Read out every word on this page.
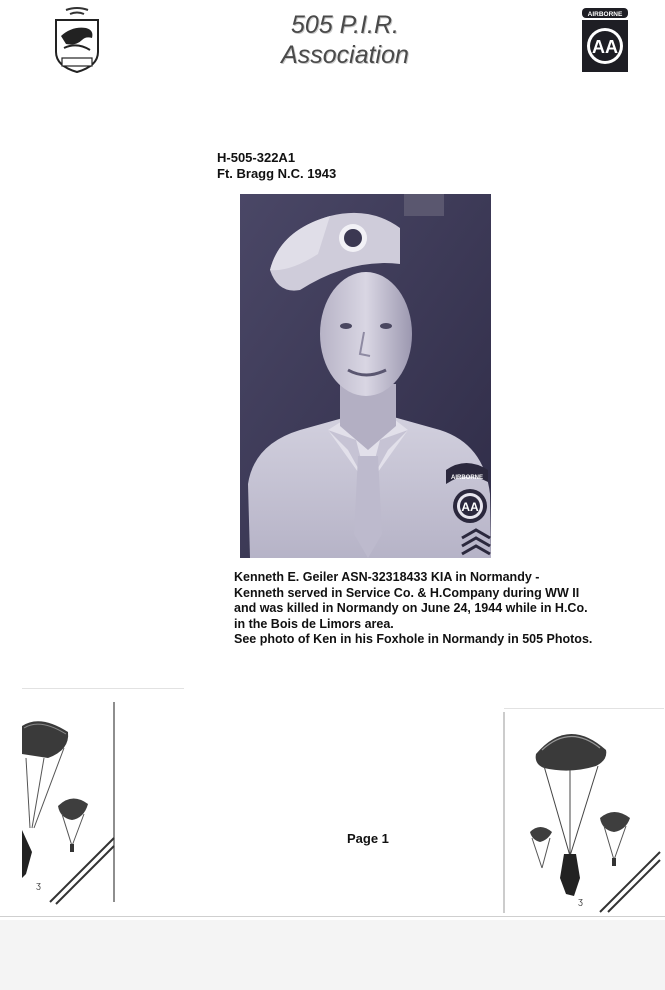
505 P.I.R.
Association
AIRBORNE
AA
H-505-322A1
Ft. Bragg N.C. 1943
AIRBORNE
AA
Kenneth E. Geiler ASN-32318433 KIA in Normandy -
Kenneth served in Service Co. & H.Company during WW II
and was killed in Normandy on June 24, 1944 while in H.Co.
in the Bois de Limors area.
See photo of Ken in his Foxhole in Normandy in 505 Photos.
ʒ
Page 1
ʒ
